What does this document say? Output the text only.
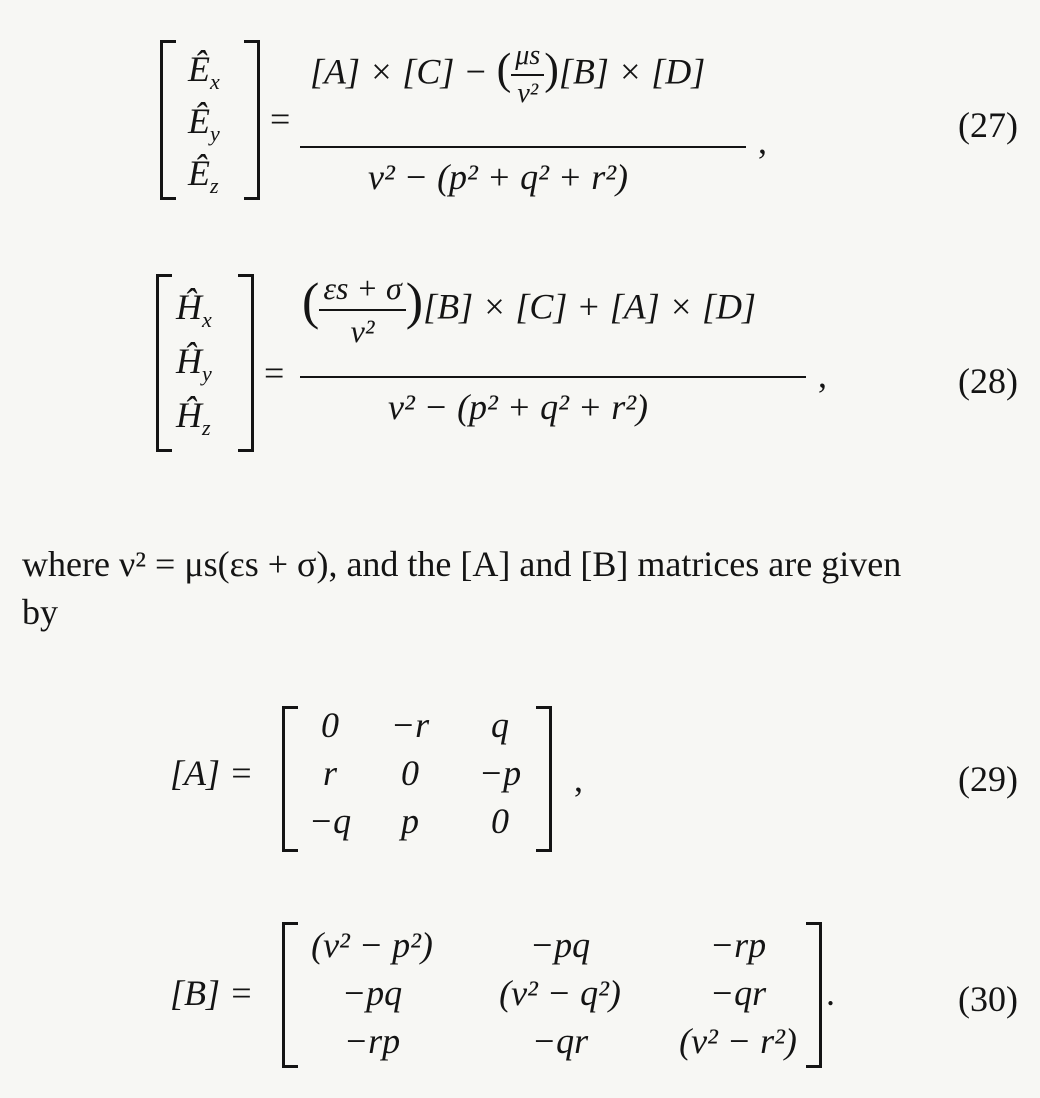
$Ê_x$
$Ê_y$
$Ê_z$
=
[A] × [C] − ( $\frac{\mu s}{\text{ν²}} )[B] \times [D]$
ν² − (p² + q² + r²)
,	(27)
$Ĥ_x$
$Ĥ_y$
$Ĥ_z$
=
( $\frac{\varepsilon s + \sigma}{\text{ν²}} )[B] \times [C] + [A] \times [D]$
ν² − (p² + q² + r²)
,	(28)
where ν² = μs(εs + σ), and the [A] and [B] matrices are given
by
[A] =
0	−r	q
r	0	−p
−q	p	0
,	(29)
[B] =
(ν² − p²)	−pq	−rp
−pq	(ν² − q²)	−qr
−rp	−qr	(ν² − r²)
.	(30)
